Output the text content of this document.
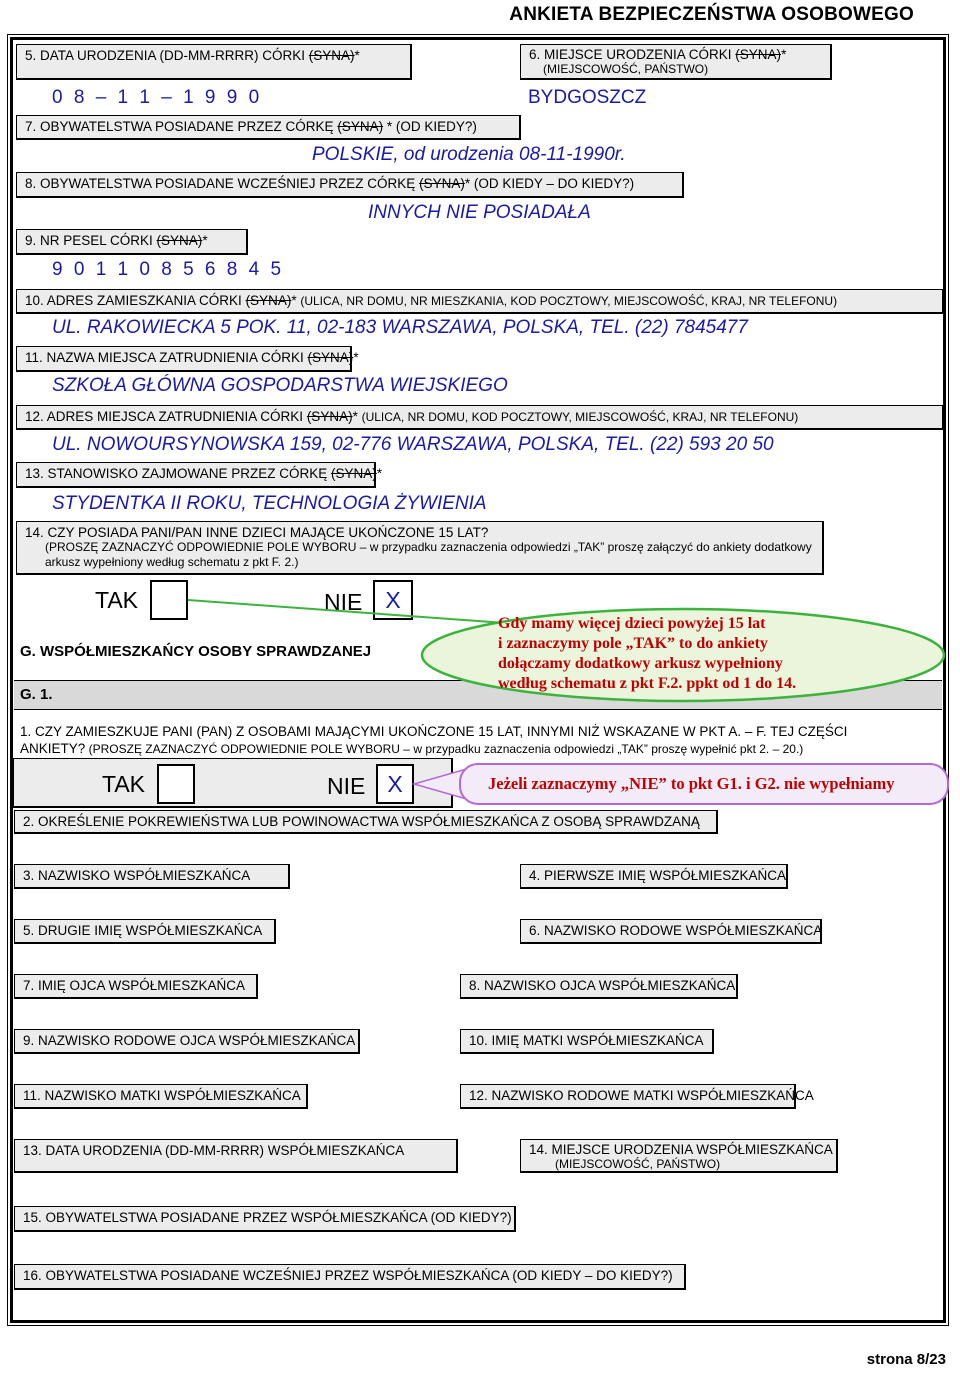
ANKIETA BEZPIECZEŃSTWA OSOBOWEGO
5. DATA URODZENIA (DD-MM-RRRR) CÓRKI (SYNA)*
0 8 – 1 1 – 1 9 9 0
6. MIEJSCE URODZENIA CÓRKI (SYNA)*
(MIEJSCOWOŚĆ, PAŃSTWO)
BYDGOSZCZ
7. OBYWATELSTWA POSIADANE PRZEZ CÓRKĘ (SYNA) * (OD KIEDY?)
POLSKIE, od urodzenia 08-11-1990r.
8. OBYWATELSTWA POSIADANE WCZEŚNIEJ PRZEZ CÓRKĘ (SYNA)* (OD KIEDY – DO KIEDY?)
INNYCH NIE POSIADAŁA
9. NR PESEL CÓRKI (SYNA)*
9 0 1 1 0 8 5 6 8 4 5
10. ADRES ZAMIESZKANIA CÓRKI (SYNA)* (ULICA, NR DOMU, NR MIESZKANIA, KOD POCZTOWY, MIEJSCOWOŚĆ, KRAJ, NR TELEFONU)
UL. RAKOWIECKA 5 POK. 11, 02-183 WARSZAWA, POLSKA, TEL. (22) 7845477
11. NAZWA MIEJSCA ZATRUDNIENIA CÓRKI (SYNA)*
SZKOŁA GŁÓWNA GOSPODARSTWA WIEJSKIEGO
12. ADRES MIEJSCA ZATRUDNIENIA CÓRKI (SYNA)* (ULICA, NR DOMU, KOD POCZTOWY, MIEJSCOWOŚĆ, KRAJ, NR TELEFONU)
UL. NOWOURSYNOWSKA 159, 02-776 WARSZAWA, POLSKA, TEL. (22) 593 20 50
13. STANOWISKO ZAJMOWANE PRZEZ CÓRKĘ (SYNA)*
STYDENTKA II ROKU, TECHNOLOGIA ŻYWIENIA
14. CZY POSIADA PANI/PAN INNE DZIECI MAJĄCE UKOŃCZONE 15 LAT?
(PROSZĘ ZAZNACZYĆ ODPOWIEDNIE POLE WYBORU – w przypadku zaznaczenia odpowiedzi „TAK” proszę załączyć do ankiety dodatkowy
arkusz wypełniony według schematu z pkt F. 2.)
TAK	NIE X
G. WSPÓŁMIESZKAŃCY OSOBY SPRAWDZANEJ
G. 1.
1. CZY ZAMIESZKUJE PANI (PAN) Z OSOBAMI MAJĄCYMI UKOŃCZONE 15 LAT, INNYMI NIŻ WSKAZANE W PKT A. – F. TEJ CZĘŚCI
ANKIETY? (PROSZĘ ZAZNACZYĆ ODPOWIEDNIE POLE WYBORU – w przypadku zaznaczenia odpowiedzi „TAK” proszę wypełnić pkt 2. – 20.)
TAK	NIE X
2. OKREŚLENIE POKREWIEŃSTWA LUB POWINOWACTWA WSPÓŁMIESZKAŃCA Z OSOBĄ SPRAWDZANĄ
3. NAZWISKO WSPÓŁMIESZKAŃCA	4. PIERWSZE IMIĘ WSPÓŁMIESZKAŃCA
5. DRUGIE IMIĘ WSPÓŁMIESZKAŃCA	6. NAZWISKO RODOWE WSPÓŁMIESZKAŃCA
7. IMIĘ OJCA WSPÓŁMIESZKAŃCA	8. NAZWISKO OJCA WSPÓŁMIESZKAŃCA
9. NAZWISKO RODOWE OJCA WSPÓŁMIESZKAŃCA	10. IMIĘ MATKI WSPÓŁMIESZKAŃCA
11. NAZWISKO MATKI WSPÓŁMIESZKAŃCA	12. NAZWISKO RODOWE MATKI WSPÓŁMIESZKAŃCA
13. DATA URODZENIA (DD-MM-RRRR) WSPÓŁMIESZKAŃCA	14. MIEJSCE URODZENIA WSPÓŁMIESZKAŃCA
(MIEJSCOWOŚĆ, PAŃSTWO)
15. OBYWATELSTWA POSIADANE PRZEZ WSPÓŁMIESZKAŃCA (OD KIEDY?)
16. OBYWATELSTWA POSIADANE WCZEŚNIEJ PRZEZ WSPÓŁMIESZKAŃCA (OD KIEDY – DO KIEDY?)
Gdy mamy więcej dzieci powyżej 15 lat
i zaznaczymy pole „TAK” to do ankiety
dołączamy dodatkowy arkusz wypełniony
według schematu z pkt F.2. ppkt od 1 do 14.
Jeżeli zaznaczymy „NIE” to pkt G1. i G2. nie wypełniamy
strona 8/23
